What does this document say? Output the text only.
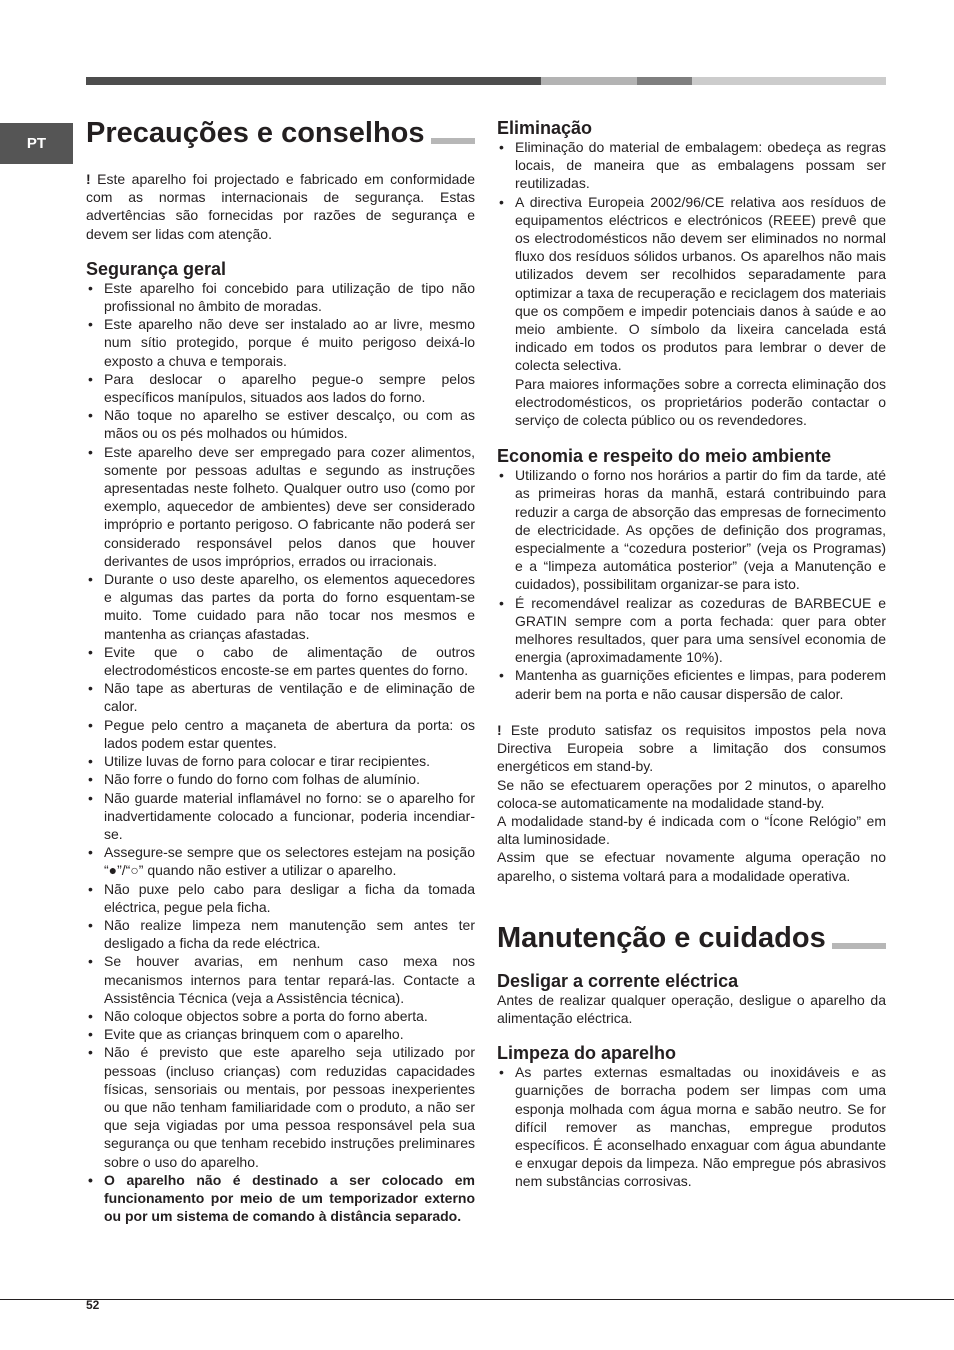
PT	Precauções e conselhos

! Este aparelho foi projectado e fabricado em conformidade com as normas internacionais de segurança. Estas advertências são fornecidas por razões de segurança e devem ser lidas com atenção.

Segurança geral
• Este aparelho foi concebido para utilização de tipo não profissional no âmbito de moradas.
• Este aparelho não deve ser instalado ao ar livre, mesmo num sítio protegido, porque é muito perigoso deixá-lo exposto a chuva e temporais.
• Para deslocar o aparelho pegue-o sempre pelos específicos manípulos, situados aos lados do forno.
• Não toque no aparelho se estiver descalço, ou com as mãos ou os pés molhados ou húmidos.
• Este aparelho deve ser empregado para cozer alimentos, somente por pessoas adultas e segundo as instruções apresentadas neste folheto. Qualquer outro uso (como por exemplo, aquecedor de ambientes) deve ser considerado impróprio e portanto perigoso. O fabricante não poderá ser considerado responsável pelos danos que houver derivantes de usos impróprios, errados ou irracionais.
• Durante o uso deste aparelho, os elementos aquecedores e algumas das partes da porta do forno esquentam-se muito. Tome cuidado para não tocar nos mesmos e mantenha as crianças afastadas.
• Evite que o cabo de alimentação de outros electrodomésticos encoste-se em partes quentes do forno.
• Não tape as aberturas de ventilação e de eliminação de calor.
• Pegue pelo centro a maçaneta de abertura da porta: os lados podem estar quentes.
• Utilize luvas de forno para colocar e tirar recipientes.
• Não forre o fundo do forno com folhas de alumínio.
• Não guarde material inflamável no forno: se o aparelho for inadvertidamente colocado a funcionar, poderia incendiar-se.
• Assegure-se sempre que os selectores estejam na posição “●”/“○” quando não estiver a utilizar o aparelho.
• Não puxe pelo cabo para desligar a ficha da tomada eléctrica, pegue pela ficha.
• Não realize limpeza nem manutenção sem antes ter desligado a ficha da rede eléctrica.
• Se houver avarias, em nenhum caso mexa nos mecanismos internos para tentar repará-las. Contacte a Assistência Técnica (veja a Assistência técnica).
• Não coloque objectos sobre a porta do forno aberta.
• Evite que as crianças brinquem com o aparelho.
• Não é previsto que este aparelho seja utilizado por pessoas (incluso crianças) com reduzidas capacidades físicas, sensoriais ou mentais, por pessoas inexperientes ou que não tenham familiaridade com o produto, a não ser que seja vigiadas por uma pessoa responsável pela sua segurança ou que tenham recebido instruções preliminares sobre o uso do aparelho.
• O aparelho não é destinado a ser colocado em funcionamento por meio de um temporizador externo ou por um sistema de comando à distância separado.
Eliminação
• Eliminação do material de embalagem: obedeça as regras locais, de maneira que as embalagens possam ser reutilizadas.
• A directiva Europeia 2002/96/CE relativa aos resíduos de equipamentos eléctricos e electrónicos (REEE) prevê que os electrodomésticos não devem ser eliminados no normal fluxo dos resíduos sólidos urbanos. Os aparelhos não mais utilizados devem ser recolhidos separadamente para optimizar a taxa de recuperação e reciclagem dos materiais que os compõem e impedir potenciais danos à saúde e ao meio ambiente. O símbolo da lixeira cancelada está indicado em todos os produtos para lembrar o dever de colecta selectiva.

Para maiores informações sobre a correcta eliminação dos electrodomésticos, os proprietários poderão contactar o serviço de colecta público ou os revendedores.

Economia e respeito do meio ambiente
• Utilizando o forno nos horários a partir do fim da tarde, até as primeiras horas da manhã, estará contribuindo para reduzir a carga de absorção das empresas de fornecimento de electricidade. As opções de definição dos programas, especialmente a “cozedura posterior” (veja os Programas) e a “limpeza automática posterior” (veja a Manutenção e cuidados), possibilitam organizar-se para isto.
• É recomendável realizar as cozeduras de BARBECUE e GRATIN sempre com a porta fechada: quer para obter melhores resultados, quer para uma sensível economia de energia (aproximadamente 10%).
• Mantenha as guarnições eficientes e limpas, para poderem aderir bem na porta e não causar dispersão de calor.

! Este produto satisfaz os requisitos impostos pela nova Directiva Europeia sobre a limitação dos consumos energéticos em stand-by.

Se não se efectuarem operações por 2 minutos, o aparelho coloca-se automaticamente na modalidade stand-by.

A modalidade stand-by é indicada com o “Ícone Relógio” em alta luminosidade.

Assim que se efectuar novamente alguma operação no aparelho, o sistema voltará para a modalidade operativa.

Manutenção e cuidados
Desligar a corrente eléctrica

Antes de realizar qualquer operação, desligue o aparelho da alimentação eléctrica.

Limpeza do aparelho
• As partes externas esmaltadas ou inoxidáveis e as guarnições de borracha podem ser limpas com uma esponja molhada com água morna e sabão neutro. Se for difícil remover as manchas, empregue produtos específicos. É aconselhado enxaguar com água abundante e enxugar depois da limpeza. Não empregue pós abrasivos nem substâncias corrosivas.
52
